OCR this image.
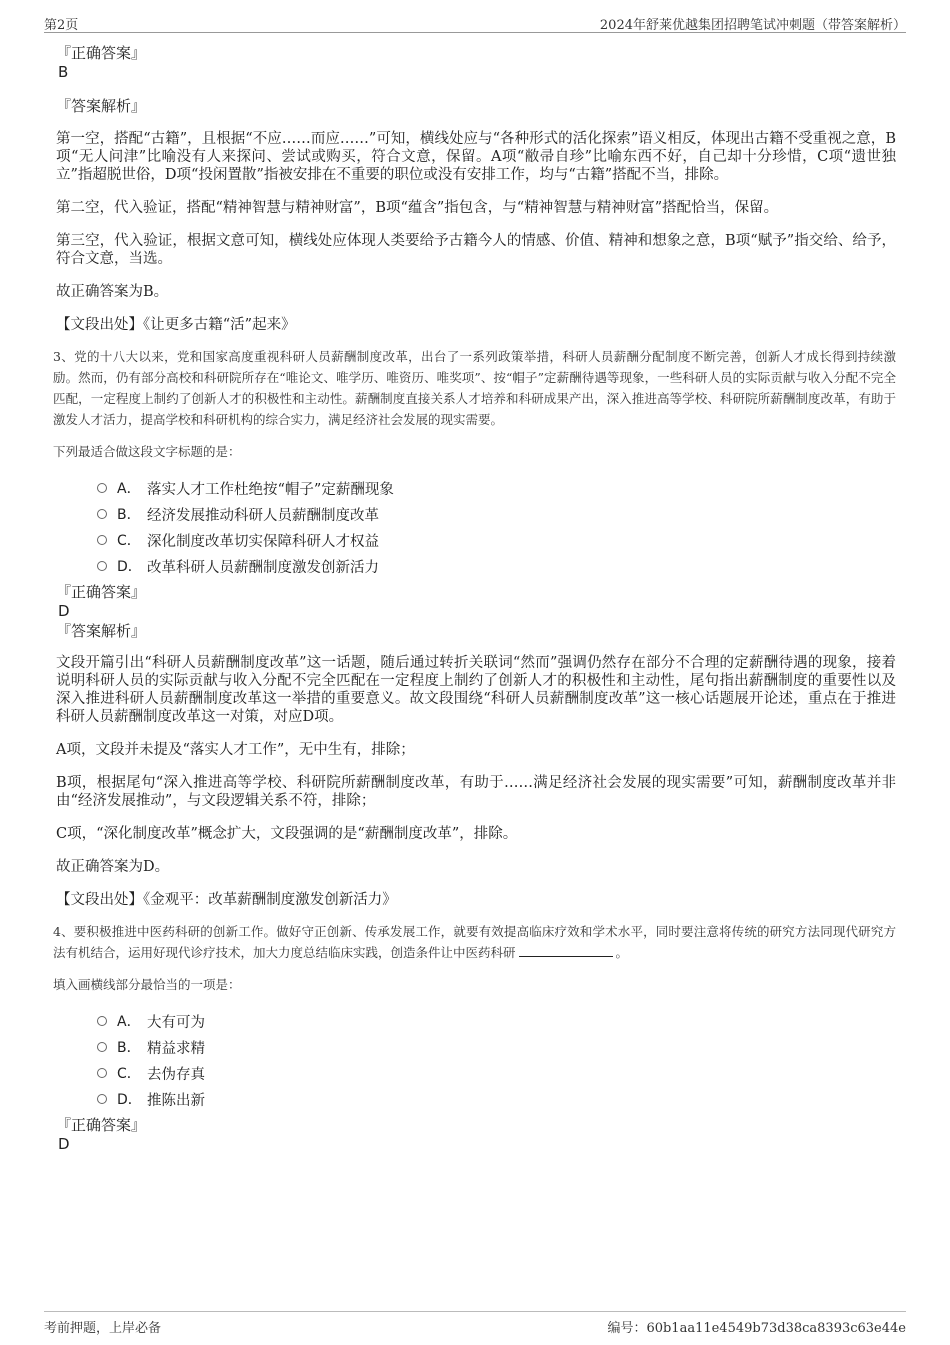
第2页	2024年舒莱优越集团招聘笔试冲刺题（带答案解析）

『正确答案』

B

『答案解析』

第一空，搭配“古籍”，且根据“不应……而应……”可知，横线处应与“各种形式的活化探索”语义相反，体现出古籍不受重视之意，B项“无人问津”比喻没有人来探问、尝试或购买，符合文意，保留。A项“敝帚自珍”比喻东西不好，自己却十分珍惜，C项“遗世独立”指超脱世俗，D项“投闲置散”指被安排在不重要的职位或没有安排工作，均与“古籍”搭配不当，排除。

第二空，代入验证，搭配“精神智慧与精神财富”，B项“蕴含”指包含，与“精神智慧与精神财富”搭配恰当，保留。

第三空，代入验证，根据文意可知，横线处应体现人类要给予古籍今人的情感、价值、精神和想象之意，B项“赋予”指交给、给予，符合文意，当选。

故正确答案为B。

【文段出处】《让更多古籍“活”起来》

3、党的十八大以来，党和国家高度重视科研人员薪酬制度改革，出台了一系列政策举措，科研人员薪酬分配制度不断完善，创新人才成长得到持续激励。然而，仍有部分高校和科研院所存在“唯论文、唯学历、唯资历、唯奖项”、按“帽子”定薪酬待遇等现象，一些科研人员的实际贡献与收入分配不完全匹配，一定程度上制约了创新人才的积极性和主动性。薪酬制度直接关系人才培养和科研成果产出，深入推进高等学校、科研院所薪酬制度改革，有助于激发人才活力，提高学校和科研机构的综合实力，满足经济社会发展的现实需要。

下列最适合做这段文字标题的是：

A． 落实人才工作杜绝按“帽子”定薪酬现象
B． 经济发展推动科研人员薪酬制度改革
C． 深化制度改革切实保障科研人才权益
D． 改革科研人员薪酬制度激发创新活力

『正确答案』

D

『答案解析』

文段开篇引出“科研人员薪酬制度改革”这一话题，随后通过转折关联词“然而”强调仍然存在部分不合理的定薪酬待遇的现象，接着说明科研人员的实际贡献与收入分配不完全匹配在一定程度上制约了创新人才的积极性和主动性，尾句指出薪酬制度的重要性以及深入推进科研人员薪酬制度改革这一举措的重要意义。故文段围绕“科研人员薪酬制度改革”这一核心话题展开论述，重点在于推进科研人员薪酬制度改革这一对策，对应D项。

A项，文段并未提及“落实人才工作”，无中生有，排除；

B项，根据尾句“深入推进高等学校、科研院所薪酬制度改革，有助于……满足经济社会发展的现实需要”可知，薪酬制度改革并非由“经济发展推动”，与文段逻辑关系不符，排除；

C项，“深化制度改革”概念扩大，文段强调的是“薪酬制度改革”，排除。

故正确答案为D。

【文段出处】《金观平：改革薪酬制度激发创新活力》

4、要积极推进中医药科研的创新工作。做好守正创新、传承发展工作，就要有效提高临床疗效和学术水平，同时要注意将传统的研究方法同现代研究方法有机结合，运用好现代诊疗技术，加大力度总结临床实践，创造条件让中医药科研	。

填入画横线部分最恰当的一项是：

A． 大有可为
B． 精益求精
C． 去伪存真
D． 推陈出新

『正确答案』

D

考前押题，上岸必备	编号：60b1aa11e4549b73d38ca8393c63e44e
